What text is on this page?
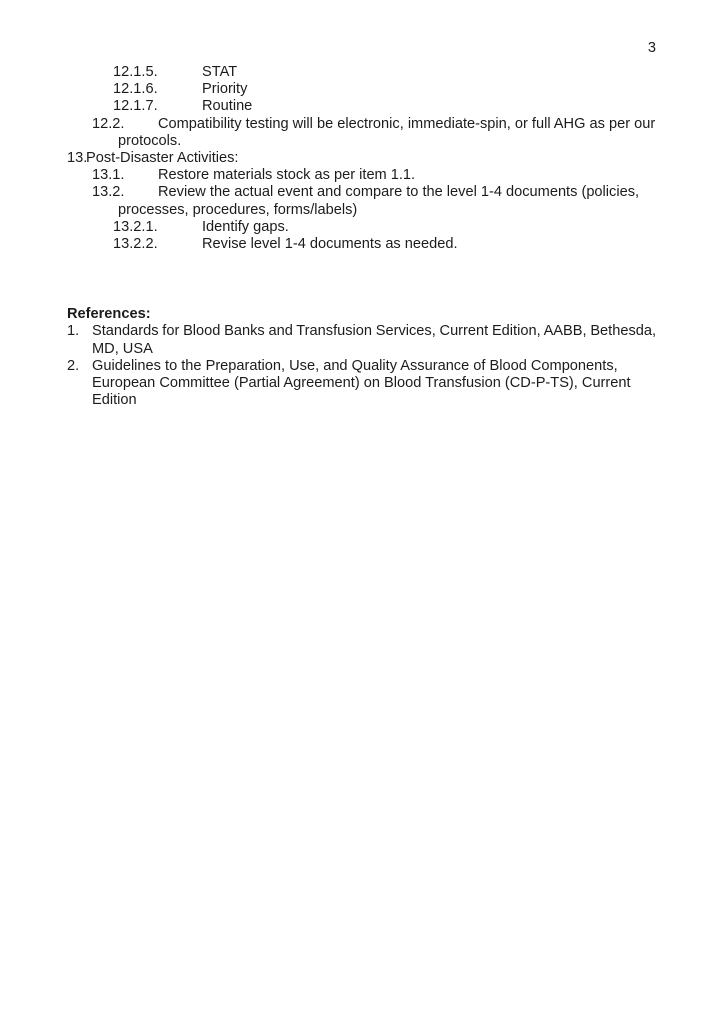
3
12.1.5.	STAT
12.1.6.	Priority
12.1.7.	Routine
12.2.	Compatibility testing will be electronic, immediate-spin, or full AHG as per our
protocols.
13.
Post-Disaster Activities:
13.1.	Restore materials stock as per item 1.1.
13.2.	Review the actual event and compare to the level 1-4 documents (policies,
processes, procedures, forms/labels)
13.2.1.	Identify gaps.
13.2.2.	Revise level 1-4 documents as needed.
References:
1. Standards for Blood Banks and Transfusion Services, Current Edition, AABB, Bethesda,
MD, USA
2. Guidelines to the Preparation, Use, and Quality Assurance of Blood Components,
European Committee (Partial Agreement) on Blood Transfusion (CD-P-TS), Current
Edition
